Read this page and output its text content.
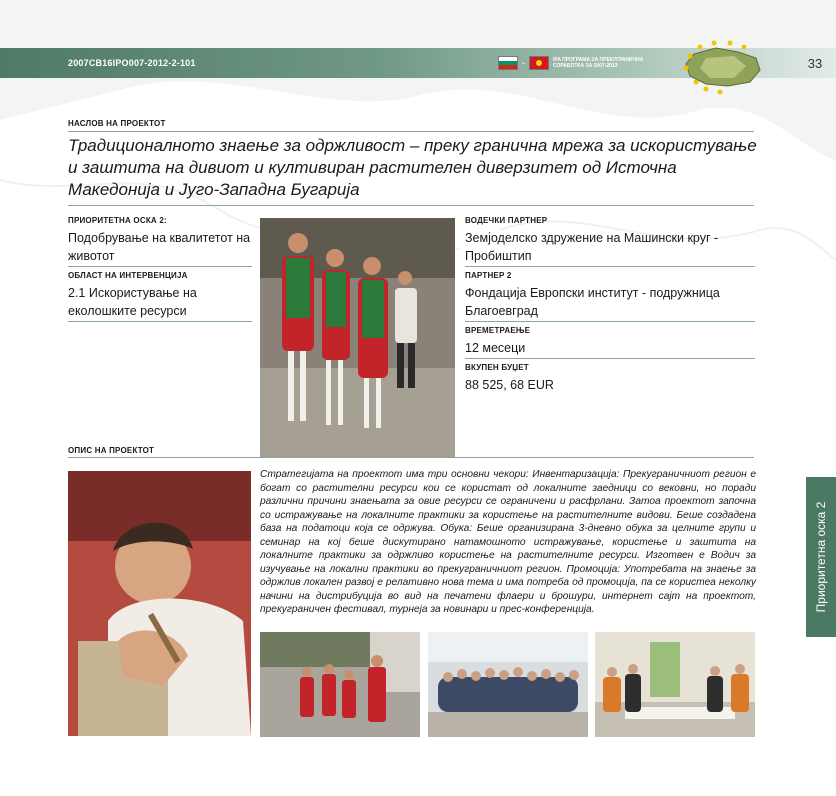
2007CB16IPO007-2012-2-101	-	IPA ПРОГРАМА ЗА ПРЕКУГРАНИЧНА СОРАБОТКА ЗА 2007-2013	33
НАСЛОВ НА ПРОЕКТОТ
Традиционалното знаење за одржливост – преку гранична мрежа за искористување и заштита на дивиот и култивиран растителен диверзитет од Источна Македонија и Југо-Западна Бугарија
ПРИОРИТЕТНА ОСКА 2:
Подобрување на квалитетот на животот
ОБЛАСТ НА ИНТЕРВЕНЦИЈА
2.1 Искористување на еколошките ресурси
ВОДЕЧКИ ПАРТНЕР
Земјоделско здружение на Машински круг - Пробиштип
ПАРТНЕР 2
Фондација Европски институт - подружница Благоевград
ВРЕМЕТРАЕЊЕ
12 месеци
ВКУПЕН БУЏЕТ
88 525, 68 EUR
ОПИС НА ПРОЕКТОТ
Стратегијата на проектот има три основни чекори: Инвентаризација: Прекуграничниот регион е богат со растителни ресурси кои се користат од локалните заедници со вековни, но поради различни причини знаењата за овие ресурси се ограничени и расфрлани. Затоа проектот започна со истражување на локалните практики за користење на растителните видови. Беше создадена база на податоци која се одржува. Обука: Беше организирана 3-дневно обука за целните групи и семинар на кој беше дискутирано натамошното истражување, користење и заштита на локалните практики за одржливо користење на растителните ресурси. Изготвен е Водич за изучување на локални практики во прекуграничниот регион. Промоција: Употребата на знаење за одржлив локален развој е релативно нова тема и има потреба од промоција, па се користеа неколку начини на дистрибуција во вид на печатени флаери и брошури, интернет сајт на проектот, прекуграничен фестивал, турнеја за новинари и прес-конференција.	Приоритетна оска 2
